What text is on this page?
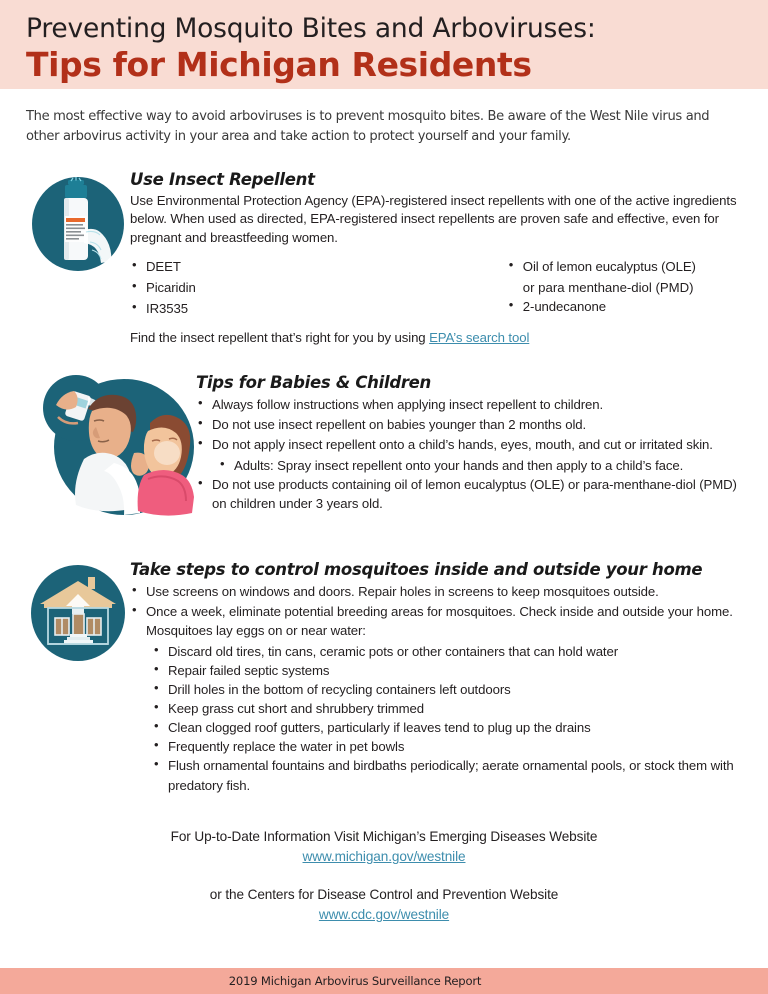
Preventing Mosquito Bites and Arboviruses:
Tips for Michigan Residents

The most effective way to avoid arboviruses is to prevent mosquito bites. Be aware of the West Nile virus and other arbovirus activity in your area and take action to protect yourself and your family.

Use Insect Repellent

Use Environmental Protection Agency (EPA)-registered insect repellents with one of the active ingredients below. When used as directed, EPA-registered insect repellents are proven safe and effective, even for pregnant and breastfeeding women.

• DEET
• Picaridin
• IR3535
• Oil of lemon eucalyptus (OLE)
or para menthane-diol (PMD)
• 2-undecanone
Find the insect repellent that’s right for you by using EPA’s search tool
Tips for Babies & Children
• Always follow instructions when applying insect repellent to children.
• Do not use insect repellent on babies younger than 2 months old.
• Do not apply insect repellent onto a child’s hands, eyes, mouth, and cut or irritated skin.
• Adults: Spray insect repellent onto your hands and then apply to a child’s face.
• Do not use products containing oil of lemon eucalyptus (OLE) or para-menthane-diol (PMD) on children under 3 years old.
Take steps to control mosquitoes inside and outside your home
• Use screens on windows and doors. Repair holes in screens to keep mosquitoes outside.
• Once a week, eliminate potential breeding areas for mosquitoes. Check inside and outside your home. Mosquitoes lay eggs on or near water:
• Discard old tires, tin cans, ceramic pots or other containers that can hold water
• Repair failed septic systems
• Drill holes in the bottom of recycling containers left outdoors
• Keep grass cut short and shrubbery trimmed
• Clean clogged roof gutters, particularly if leaves tend to plug up the drains
• Frequently replace the water in pet bowls
• Flush ornamental fountains and birdbaths periodically; aerate ornamental pools, or stock them with predatory fish.
For Up-to-Date Information Visit Michigan’s Emerging Diseases Website
www.michigan.gov/westnile
or the Centers for Disease Control and Prevention Website
www.cdc.gov/westnile
2019 Michigan Arbovirus Surveillance Report
